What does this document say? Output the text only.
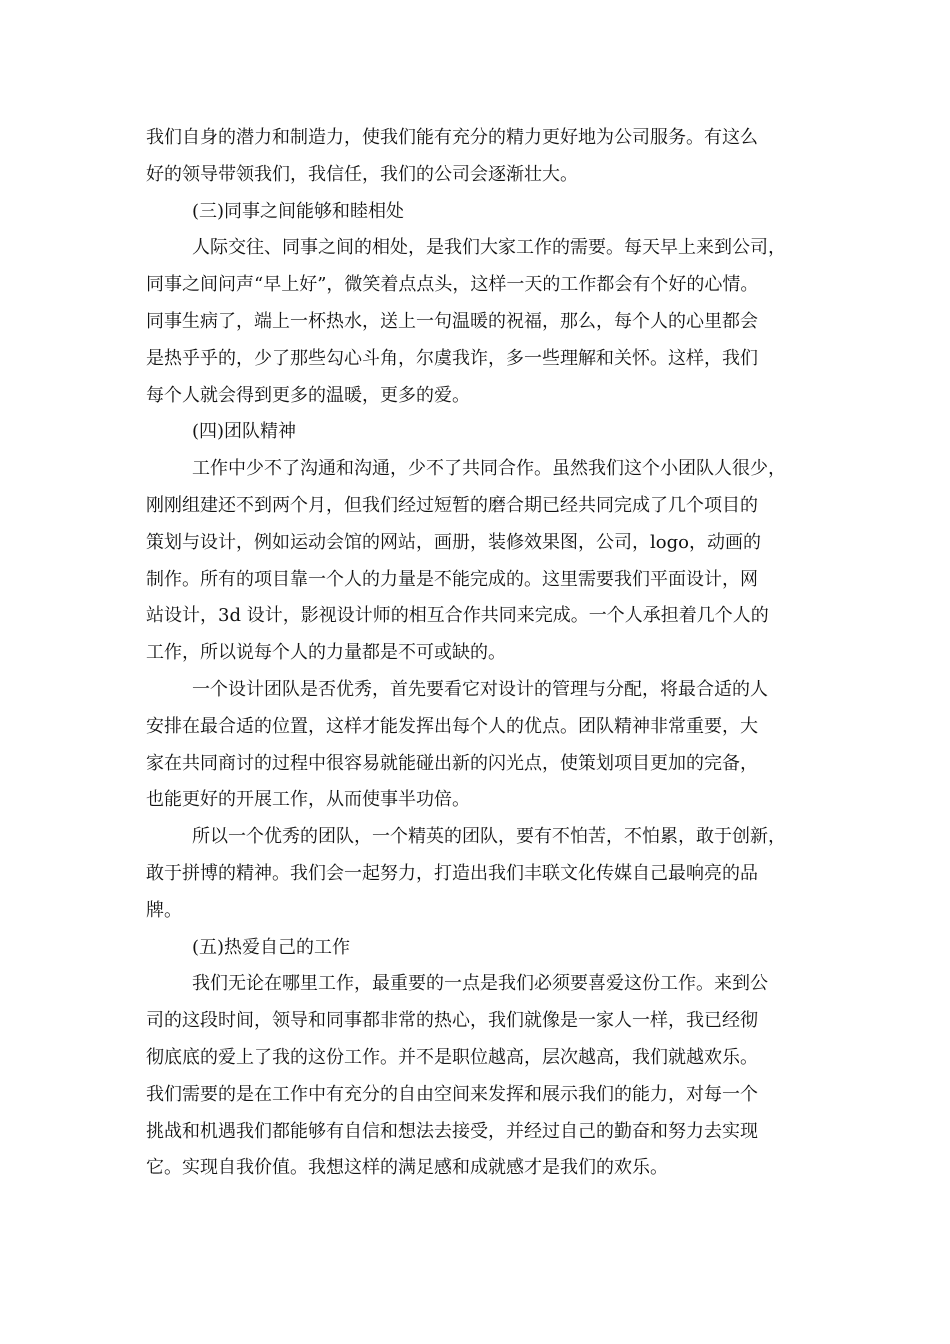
我们自身的潜力和制造力，使我们能有充分的精力更好地为公司服务。有这么
好的领导带领我们，我信任，我们的公司会逐渐壮大。
(三)同事之间能够和睦相处
人际交往、同事之间的相处，是我们大家工作的需要。每天早上来到公司，
同事之间问声“早上好”，微笑着点点头，这样一天的工作都会有个好的心情。
同事生病了，端上一杯热水，送上一句温暖的祝福，那么，每个人的心里都会
是热乎乎的，少了那些勾心斗角，尔虞我诈，多一些理解和关怀。这样，我们
每个人就会得到更多的温暖，更多的爱。
(四)团队精神
工作中少不了沟通和沟通，少不了共同合作。虽然我们这个小团队人很少，
刚刚组建还不到两个月，但我们经过短暂的磨合期已经共同完成了几个项目的
策划与设计，例如运动会馆的网站，画册，装修效果图，公司，logo，动画的
制作。所有的项目靠一个人的力量是不能完成的。这里需要我们平面设计，网
站设计，3d 设计，影视设计师的相互合作共同来完成。一个人承担着几个人的
工作，所以说每个人的力量都是不可或缺的。
一个设计团队是否优秀，首先要看它对设计的管理与分配，将最合适的人
安排在最合适的位置，这样才能发挥出每个人的优点。团队精神非常重要，大
家在共同商讨的过程中很容易就能碰出新的闪光点，使策划项目更加的完备，
也能更好的开展工作，从而使事半功倍。
所以一个优秀的团队，一个精英的团队，要有不怕苦，不怕累，敢于创新，
敢于拼博的精神。我们会一起努力，打造出我们丰联文化传媒自己最响亮的品
牌。
(五)热爱自己的工作
我们无论在哪里工作，最重要的一点是我们必须要喜爱这份工作。来到公
司的这段时间，领导和同事都非常的热心，我们就像是一家人一样，我已经彻
彻底底的爱上了我的这份工作。并不是职位越高，层次越高，我们就越欢乐。
我们需要的是在工作中有充分的自由空间来发挥和展示我们的能力，对每一个
挑战和机遇我们都能够有自信和想法去接受，并经过自己的勤奋和努力去实现
它。实现自我价值。我想这样的满足感和成就感才是我们的欢乐。
